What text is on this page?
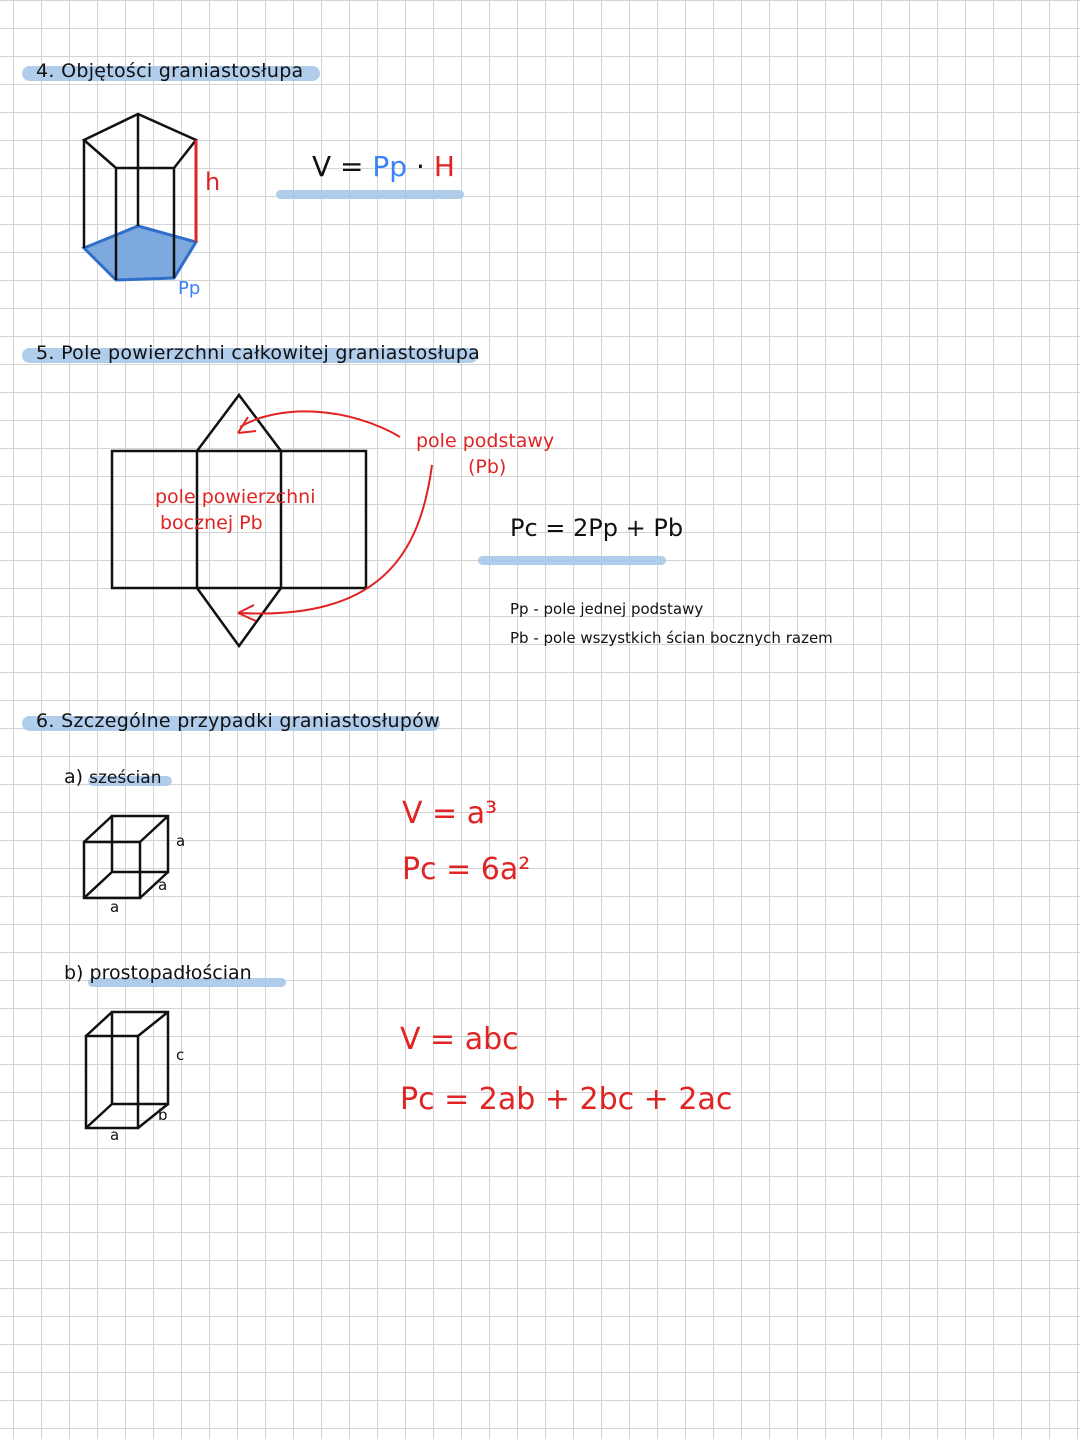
4. Objętości graniastosłupa
h
Pp
V = Pp · H
5. Pole powierzchni całkowitej graniastosłupa
pole podstawy
(Pb)
pole powierzchni
bocznej Pb	Pc = 2Pp + Pb
Pp - pole jednej podstawy
Pb - pole wszystkich ścian bocznych razem
6. Szczególne przypadki graniastosłupów
a) sześcian
a
a
a
V = a³
Pc = 6a²
b) prostopadłościan
c
b
a
V = abc
Pc = 2ab + 2bc + 2ac
